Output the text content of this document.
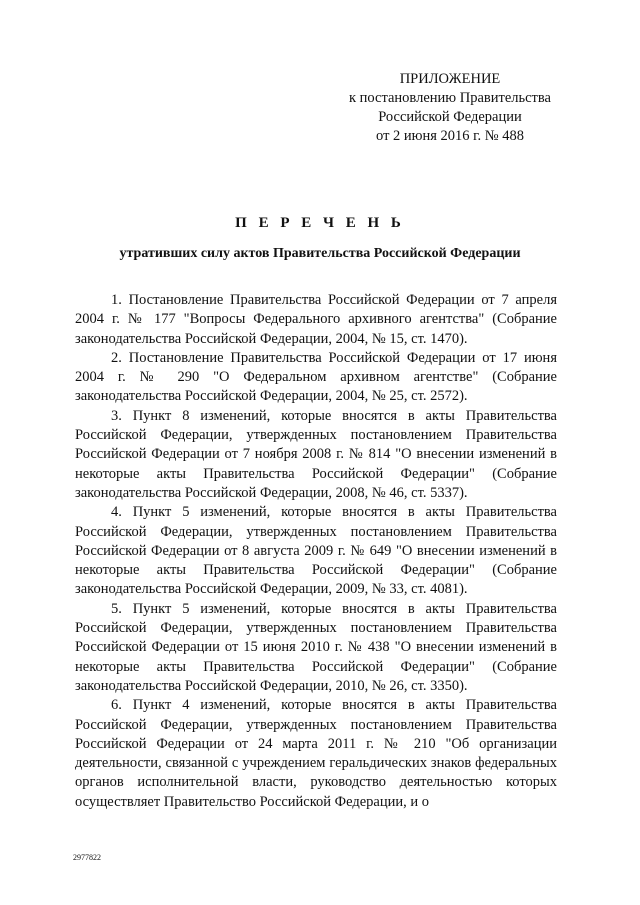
ПРИЛОЖЕНИЕ
к постановлению Правительства
Российской Федерации
от 2 июня 2016 г. № 488
П Е Р Е Ч Е Н Ь
утративших силу актов Правительства Российской Федерации

1. Постановление Правительства Российской Федерации от 7 апреля 2004 г. № 177 "Вопросы Федерального архивного агентства" (Собрание законодательства Российской Федерации, 2004, № 15, ст. 1470).

2. Постановление Правительства Российской Федерации от 17 июня 2004 г. № 290 "О Федеральном архивном агентстве" (Собрание законодательства Российской Федерации, 2004, № 25, ст. 2572).

3. Пункт 8 изменений, которые вносятся в акты Правительства Российской Федерации, утвержденных постановлением Правительства Российской Федерации от 7 ноября 2008 г. № 814 "О внесении изменений в некоторые акты Правительства Российской Федерации" (Собрание законодательства Российской Федерации, 2008, № 46, ст. 5337).

4. Пункт 5 изменений, которые вносятся в акты Правительства Российской Федерации, утвержденных постановлением Правительства Российской Федерации от 8 августа 2009 г. № 649 "О внесении изменений в некоторые акты Правительства Российской Федерации" (Собрание законодательства Российской Федерации, 2009, № 33, ст. 4081).

5. Пункт 5 изменений, которые вносятся в акты Правительства Российской Федерации, утвержденных постановлением Правительства Российской Федерации от 15 июня 2010 г. № 438 "О внесении изменений в некоторые акты Правительства Российской Федерации" (Собрание законодательства Российской Федерации, 2010, № 26, ст. 3350).

6. Пункт 4 изменений, которые вносятся в акты Правительства Российской Федерации, утвержденных постановлением Правительства Российской Федерации от 24 марта 2011 г. № 210 "Об организации деятельности, связанной с учреждением геральдических знаков федеральных органов исполнительной власти, руководство деятельностью которых осуществляет Правительство Российской Федерации, и о

2977822
